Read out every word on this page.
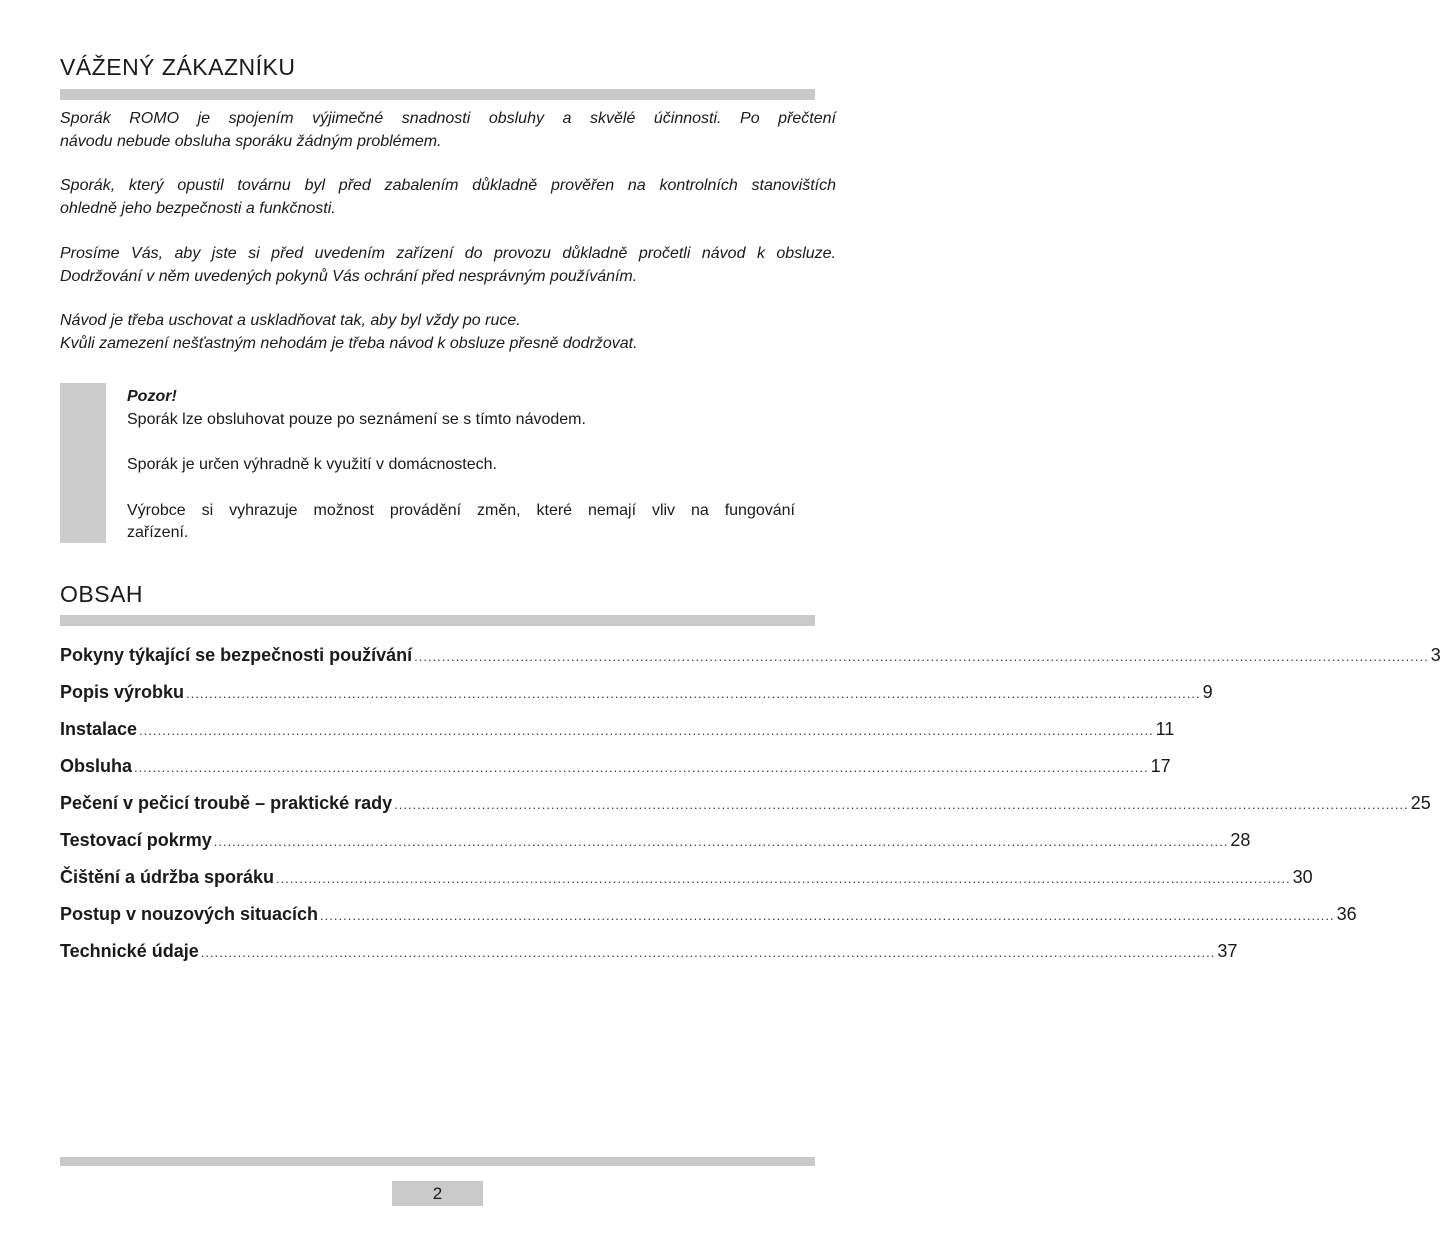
VÁŽENÝ ZÁKAZNÍKU
Sporák ROMO je spojením výjimečné snadnosti obsluhy a skvělé účinnosti. Po přečtení
návodu nebude obsluha sporáku žádným problémem.
Sporák, který opustil továrnu byl před zabalením důkladně prověřen na kontrolních stanovištích
ohledně jeho bezpečnosti a funkčnosti.
Prosíme Vás, aby jste si před uvedením zařízení do provozu důkladně pročetli návod k obsluze.
Dodržování v něm uvedených pokynů Vás ochrání před nesprávným používáním.
Návod je třeba uschovat a uskladňovat tak, aby byl vždy po ruce.
Kvůli zamezení nešťastným nehodám je třeba návod k obsluze přesně dodržovat.
Pozor!
Sporák lze obsluhovat pouze po seznámení se s tímto návodem.
Sporák je určen výhradně k využití v domácnostech.
Výrobce si vyhrazuje možnost provádění změn, které nemají vliv na fungování
zařízení.
OBSAH
Pokyny týkající se bezpečnosti používání ............................................................................................................................................................................................................................ 3
Popis výrobku ............................................................................................................................................................................................................................ 9
Instalace ............................................................................................................................................................................................................................ 11
Obsluha ............................................................................................................................................................................................................................ 17
Pečení v pečicí troubě – praktické rady ............................................................................................................................................................................................................................ 25
Testovací pokrmy ............................................................................................................................................................................................................................ 28
Čištění a údržba sporáku ............................................................................................................................................................................................................................ 30
Postup v nouzových situacích ............................................................................................................................................................................................................................ 36
Technické údaje ............................................................................................................................................................................................................................ 37
2
